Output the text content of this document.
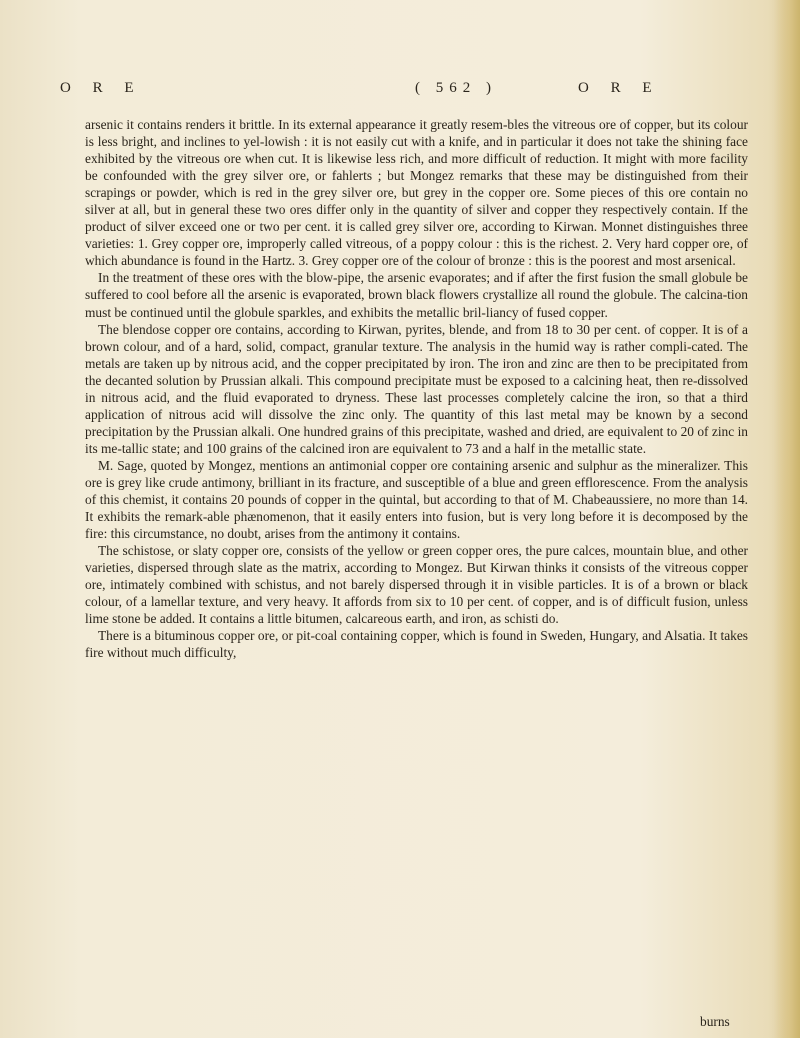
O R E	( 562 )	O R E

arsenic it contains renders it brittle. In its external appearance it greatly resem-bles the vitreous ore of copper, but its colour is less bright, and inclines to yel-lowish : it is not easily cut with a knife, and in particular it does not take the shining face exhibited by the vitreous ore when cut. It is likewise less rich, and more difficult of reduction. It might with more facility be confounded with the grey silver ore, or fahlerts ; but Mongez remarks that these may be distinguished from their scrapings or powder, which is red in the grey silver ore, but grey in the copper ore. Some pieces of this ore contain no silver at all, but in general these two ores differ only in the quantity of silver and copper they respectively contain. If the product of silver exceed one or two per cent. it is called grey silver ore, according to Kirwan. Monnet distinguishes three varieties: 1. Grey copper ore, improperly called vitreous, of a poppy colour : this is the richest. 2. Very hard copper ore, of which abundance is found in the Hartz. 3. Grey copper ore of the colour of bronze : this is the poorest and most arsenical.

In the treatment of these ores with the blow-pipe, the arsenic evaporates; and if after the first fusion the small globule be suffered to cool before all the arsenic is evaporated, brown black flowers crystallize all round the globule. The calcina-tion must be continued until the globule sparkles, and exhibits the metallic bril-liancy of fused copper.

The blendose copper ore contains, according to Kirwan, pyrites, blende, and from 18 to 30 per cent. of copper. It is of a brown colour, and of a hard, solid, compact, granular texture. The analysis in the humid way is rather compli-cated. The metals are taken up by nitrous acid, and the copper precipitated by iron. The iron and zinc are then to be precipitated from the decanted solution by Prussian alkali. This compound precipitate must be exposed to a calcining heat, then re-dissolved in nitrous acid, and the fluid evaporated to dryness. These last processes completely calcine the iron, so that a third application of nitrous acid will dissolve the zinc only. The quantity of this last metal may be known by a second precipitation by the Prussian alkali. One hundred grains of this precipitate, washed and dried, are equivalent to 20 of zinc in its me-tallic state; and 100 grains of the calcined iron are equivalent to 73 and a half in the metallic state.

M. Sage, quoted by Mongez, mentions an antimonial copper ore containing arsenic and sulphur as the mineralizer. This ore is grey like crude antimony, brilliant in its fracture, and susceptible of a blue and green efflorescence. From the analysis of this chemist, it contains 20 pounds of copper in the quintal, but according to that of M. Chabeaussiere, no more than 14. It exhibits the remark-able phænomenon, that it easily enters into fusion, but is very long before it is decomposed by the fire: this circumstance, no doubt, arises from the antimony it contains.

The schistose, or slaty copper ore, consists of the yellow or green copper ores, the pure calces, mountain blue, and other varieties, dispersed through slate as the matrix, according to Mongez. But Kirwan thinks it consists of the vitreous copper ore, intimately combined with schistus, and not barely dispersed through it in visible particles. It is of a brown or black colour, of a lamellar texture, and very heavy. It affords from six to 10 per cent. of copper, and is of difficult fusion, unless lime stone be added. It contains a little bitumen, calcareous earth, and iron, as schisti do.

There is a bituminous copper ore, or pit-coal containing copper, which is found in Sweden, Hungary, and Alsatia. It takes fire without much difficulty,

burns
